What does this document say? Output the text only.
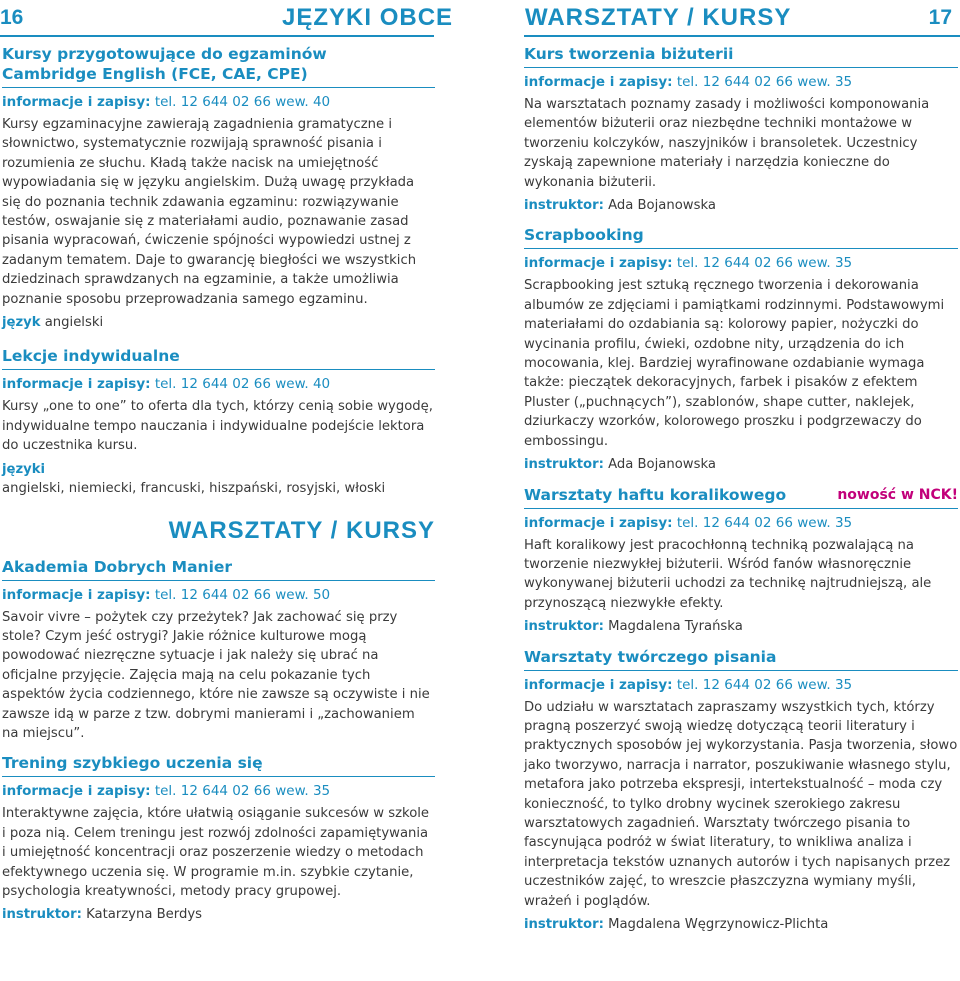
16	JĘZYKI OBCE	WARSZTATY / KURSY	17
Kursy przygotowujące do egzaminów
Cambridge English (FCE, CAE, CPE)
informacje i zapisy: tel. 12 644 02 66 wew. 40

Kursy egzaminacyjne zawierają zagadnienia gramatyczne i słownictwo, systematycznie rozwijają sprawność pisania i rozumienia ze słuchu. Kładą także nacisk na umiejętność wypowiadania się w języku angielskim. Dużą uwagę przykłada się do poznania technik zdawania egzaminu: rozwiązywanie testów, oswajanie się z materiałami audio, poznawanie zasad pisania wypracowań, ćwiczenie spójności wypowiedzi ustnej z zadanym tematem. Daje to gwarancję biegłości we wszystkich dziedzinach sprawdzanych na egzaminie, a także umożliwia poznanie sposobu przeprowadzania samego egzaminu.

język angielski
Lekcje indywidualne
informacje i zapisy: tel. 12 644 02 66 wew. 40

Kursy „one to one” to oferta dla tych, którzy cenią sobie wygodę, indywidualne tempo nauczania i indywidualne podejście lektora do uczestnika kursu.

języki
angielski, niemiecki, francuski, hiszpański, rosyjski, włoski
WARSZTATY / KURSY
Akademia Dobrych Manier
informacje i zapisy: tel. 12 644 02 66 wew. 50

Savoir vivre – pożytek czy przeżytek? Jak zachować się przy stole? Czym jeść ostrygi? Jakie różnice kulturowe mogą powodować niezręczne sytuacje i jak należy się ubrać na oficjalne przyjęcie. Zajęcia mają na celu pokazanie tych aspektów życia codziennego, które nie zawsze są oczywiste i nie zawsze idą w parze z tzw. dobrymi manierami i „zachowaniem na miejscu”.

Trening szybkiego uczenia się
informacje i zapisy: tel. 12 644 02 66 wew. 35

Interaktywne zajęcia, które ułatwią osiąganie sukcesów w szkole i poza nią. Celem treningu jest rozwój zdolności zapamiętywania i umiejętność koncentracji oraz poszerzenie wiedzy o metodach efektywnego uczenia się. W programie m.in. szybkie czytanie, psychologia kreatywności, metody pracy grupowej.

instruktor: Katarzyna Berdys
Kurs tworzenia biżuterii
informacje i zapisy: tel. 12 644 02 66 wew. 35

Na warsztatach poznamy zasady i możliwości komponowania elementów biżuterii oraz niezbędne techniki montażowe w tworzeniu kolczyków, naszyjników i bransoletek. Uczestnicy zyskają zapewnione materiały i narzędzia konieczne do wykonania biżuterii.

instruktor: Ada Bojanowska
Scrapbooking
informacje i zapisy: tel. 12 644 02 66 wew. 35

Scrapbooking jest sztuką ręcznego tworzenia i dekorowania albumów ze zdjęciami i pamiątkami rodzinnymi. Podstawowymi materiałami do ozdabiania są: kolorowy papier, nożyczki do wycinania profilu, ćwieki, ozdobne nity, urządzenia do ich mocowania, klej. Bardziej wyrafinowane ozdabianie wymaga także: pieczątek dekoracyjnych, farbek i pisaków z efektem Pluster („puchnących”), szablonów, shape cutter, naklejek, dziurkaczy wzorków, kolorowego proszku i podgrzewaczy do embossingu.

instruktor: Ada Bojanowska
nowość w NCK!
Warsztaty haftu koralikowego
informacje i zapisy: tel. 12 644 02 66 wew. 35

Haft koralikowy jest pracochłonną techniką pozwalającą na tworzenie niezwykłej biżuterii. Wśród fanów własnoręcznie wykonywanej biżuterii uchodzi za technikę najtrudniejszą, ale przynoszącą niezwykłe efekty.

instruktor: Magdalena Tyrańska
Warsztaty twórczego pisania
informacje i zapisy: tel. 12 644 02 66 wew. 35

Do udziału w warsztatach zapraszamy wszystkich tych, którzy pragną poszerzyć swoją wiedzę dotyczącą teorii literatury i praktycznych sposobów jej wykorzystania. Pasja tworzenia, słowo jako tworzywo, narracja i narrator, poszukiwanie własnego stylu, metafora jako potrzeba ekspresji, intertekstualność – moda czy konieczność, to tylko drobny wycinek szerokiego zakresu warsztatowych zagadnień. Warsztaty twórczego pisania to fascynująca podróż w świat literatury, to wnikliwa analiza i interpretacja tekstów uznanych autorów i tych napisanych przez uczestników zajęć, to wreszcie płaszczyzna wymiany myśli, wrażeń i poglądów.

instruktor: Magdalena Węgrzynowicz-Plichta
